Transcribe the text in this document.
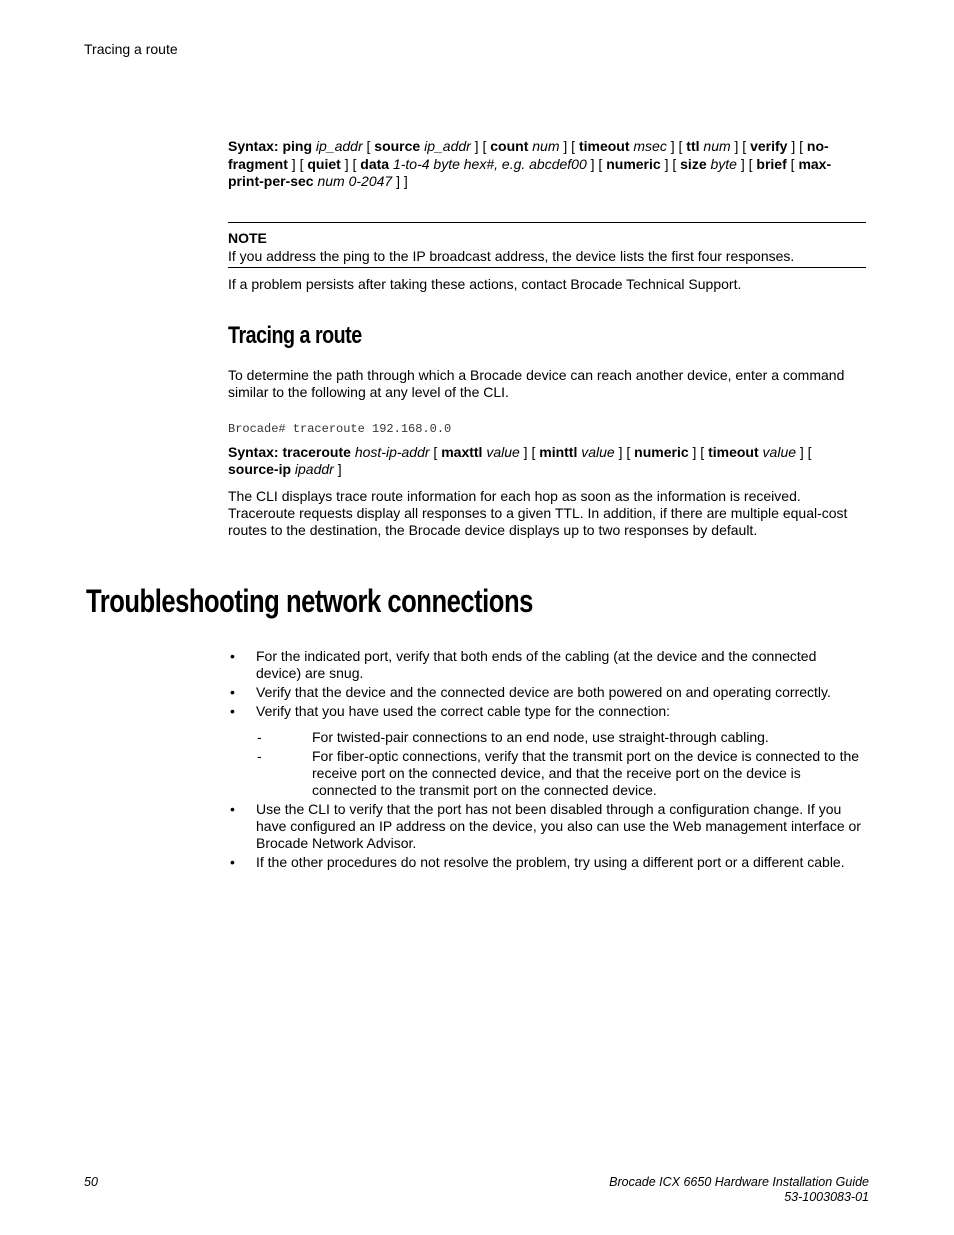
Tracing a route
Syntax: ping ip_addr [ source ip_addr ] [ count num ] [ timeout msec ] [ ttl num ] [ verify ] [ no-
fragment ] [ quiet ] [ data 1-to-4 byte hex#, e.g. abcdef00 ] [ numeric ] [ size byte ] [ brief [ max-
print-per-sec num 0-2047 ] ]
NOTE
If you address the ping to the IP broadcast address, the device lists the first four responses.
If a problem persists after taking these actions, contact Brocade Technical Support.
Tracing a route
To determine the path through which a Brocade device can reach another device, enter a command
similar to the following at any level of the CLI.
Brocade# traceroute 192.168.0.0
Syntax: traceroute host-ip-addr [ maxttl value ] [ minttl value ] [ numeric ] [ timeout value ] [
source-ip ipaddr ]
The CLI displays trace route information for each hop as soon as the information is received.
Traceroute requests display all responses to a given TTL. In addition, if there are multiple equal-cost
routes to the destination, the Brocade device displays up to two responses by default.
Troubleshooting network connections
• For the indicated port, verify that both ends of the cabling (at the device and the connected
device) are snug.
• Verify that the device and the connected device are both powered on and operating correctly.
• Verify that you have used the correct cable type for the connection:
-	For twisted-pair connections to an end node, use straight-through cabling.
-	For fiber-optic connections, verify that the transmit port on the device is connected to the
receive port on the connected device, and that the receive port on the device is
connected to the transmit port on the connected device.
• Use the CLI to verify that the port has not been disabled through a configuration change. If you
have configured an IP address on the device, you also can use the Web management interface or
Brocade Network Advisor.
• If the other procedures do not resolve the problem, try using a different port or a different cable.
50	Brocade ICX 6650 Hardware Installation Guide
53-1003083-01
